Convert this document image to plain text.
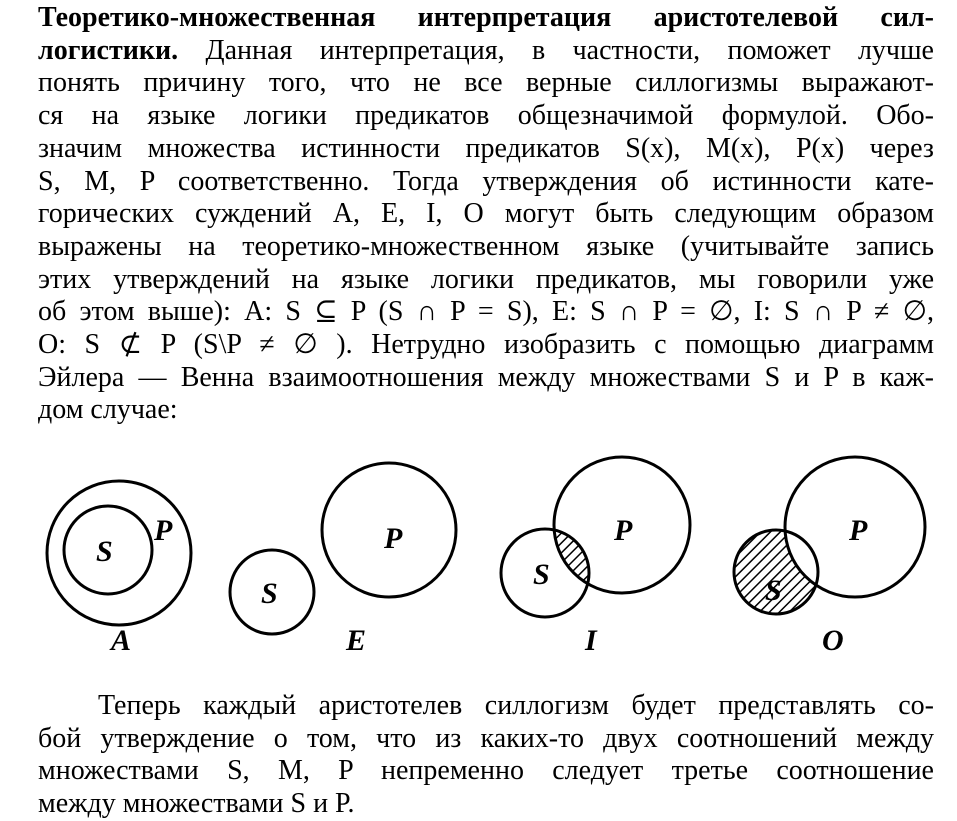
Теоретико-множественная интерпретация аристотелевой сил-
логистики. Данная интерпретация, в частности, поможет лучше
понять причину того, что не все верные силлогизмы выражают-
ся на языке логики предикатов общезначимой формулой. Обо-
значим множества истинности предикатов S(x), M(x), P(x) через
S, M, P соответственно. Тогда утверждения об истинности кате-
горических суждений A, E, I, O могут быть следующим образом
выражены на теоретико-множественном языке (учитывайте запись
этих утверждений на языке логики предикатов, мы говорили уже
об этом выше): A: S ⊆ P (S ∩ P = S), E: S ∩ P = ∅, I: S ∩ P ≠ ∅,
O: S ⊄ P (S\P ≠ ∅ ). Нетрудно изобразить с помощью диаграмм
Эйлера — Венна взаимоотношения между множествами S и P в каж-
дом случае:
S
P
A
S
P
E
S
P
I
S
P
O
Теперь каждый аристотелев силлогизм будет представлять со-
бой утверждение о том, что из каких-то двух соотношений между
множествами S, M, P непременно следует третье соотношение
между множествами S и P.
